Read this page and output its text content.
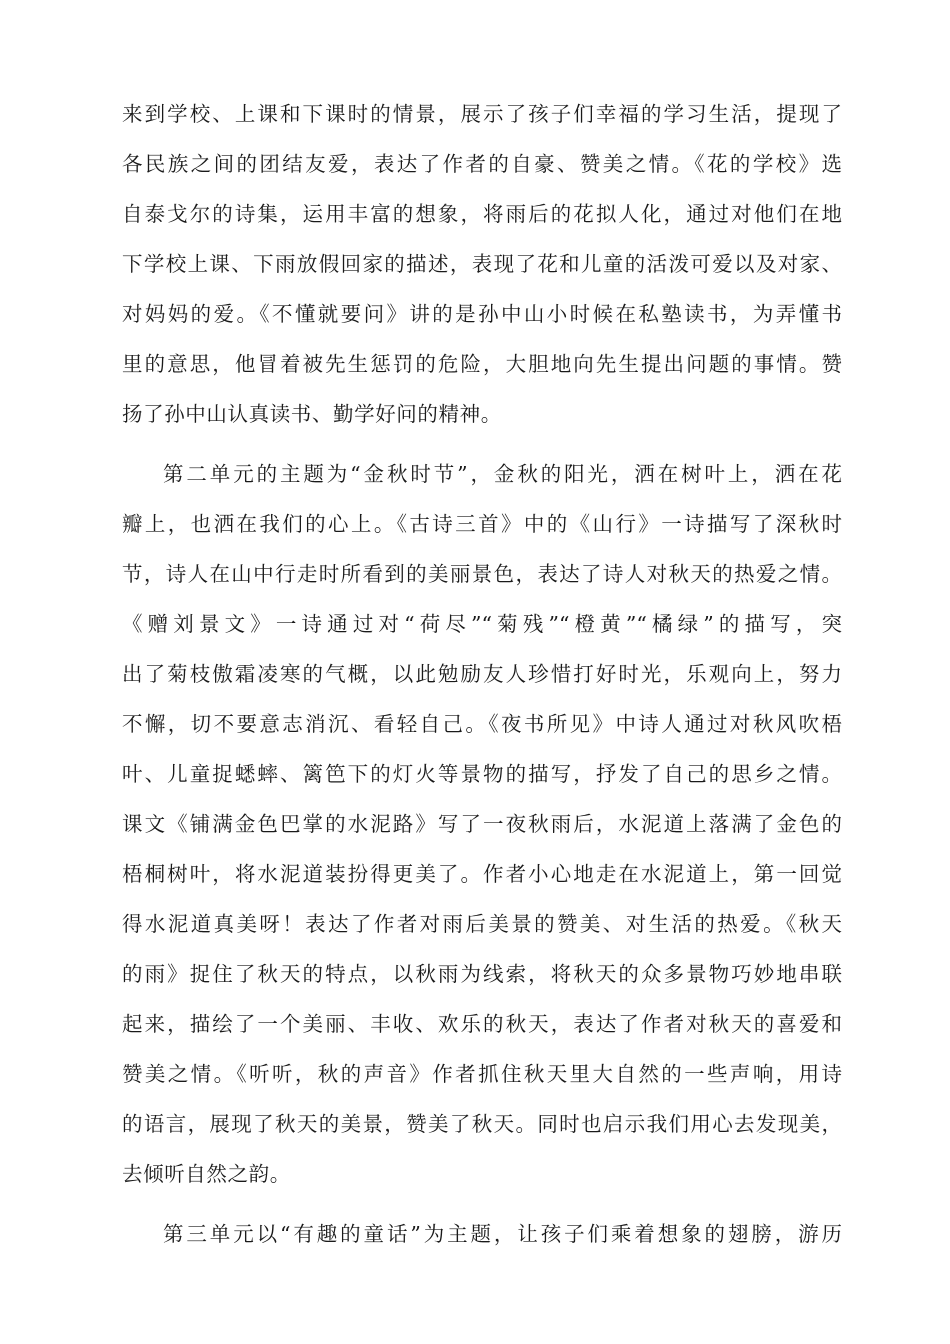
来到学校、上课和下课时的情景，展示了孩子们幸福的学习生活，提现了
各民族之间的团结友爱，表达了作者的自豪、赞美之情。《花的学校》选
自泰戈尔的诗集，运用丰富的想象，将雨后的花拟人化，通过对他们在地
下学校上课、下雨放假回家的描述，表现了花和儿童的活泼可爱以及对家、
对妈妈的爱。《不懂就要问》讲的是孙中山小时候在私塾读书，为弄懂书
里的意思，他冒着被先生惩罚的危险，大胆地向先生提出问题的事情。赞
扬了孙中山认真读书、勤学好问的精神。
第二单元的主题为“金秋时节”，金秋的阳光，洒在树叶上，洒在花
瓣上，也洒在我们的心上。《古诗三首》中的《山行》一诗描写了深秋时
节，诗人在山中行走时所看到的美丽景色，表达了诗人对秋天的热爱之情。
《赠刘景文》一诗通过对“荷尽”“菊残”“橙黄”“橘绿”的描写，突
出了菊枝傲霜凌寒的气概，以此勉励友人珍惜打好时光，乐观向上，努力
不懈，切不要意志消沉、看轻自己。《夜书所见》中诗人通过对秋风吹梧
叶、儿童捉蟋蟀、篱笆下的灯火等景物的描写，抒发了自己的思乡之情。
课文《铺满金色巴掌的水泥路》写了一夜秋雨后，水泥道上落满了金色的
梧桐树叶，将水泥道装扮得更美了。作者小心地走在水泥道上，第一回觉
得水泥道真美呀！表达了作者对雨后美景的赞美、对生活的热爱。《秋天
的雨》捉住了秋天的特点，以秋雨为线索，将秋天的众多景物巧妙地串联
起来，描绘了一个美丽、丰收、欢乐的秋天，表达了作者对秋天的喜爱和
赞美之情。《听听，秋的声音》作者抓住秋天里大自然的一些声响，用诗
的语言，展现了秋天的美景，赞美了秋天。同时也启示我们用心去发现美，
去倾听自然之韵。
第三单元以“有趣的童话”为主题，让孩子们乘着想象的翅膀，游历
